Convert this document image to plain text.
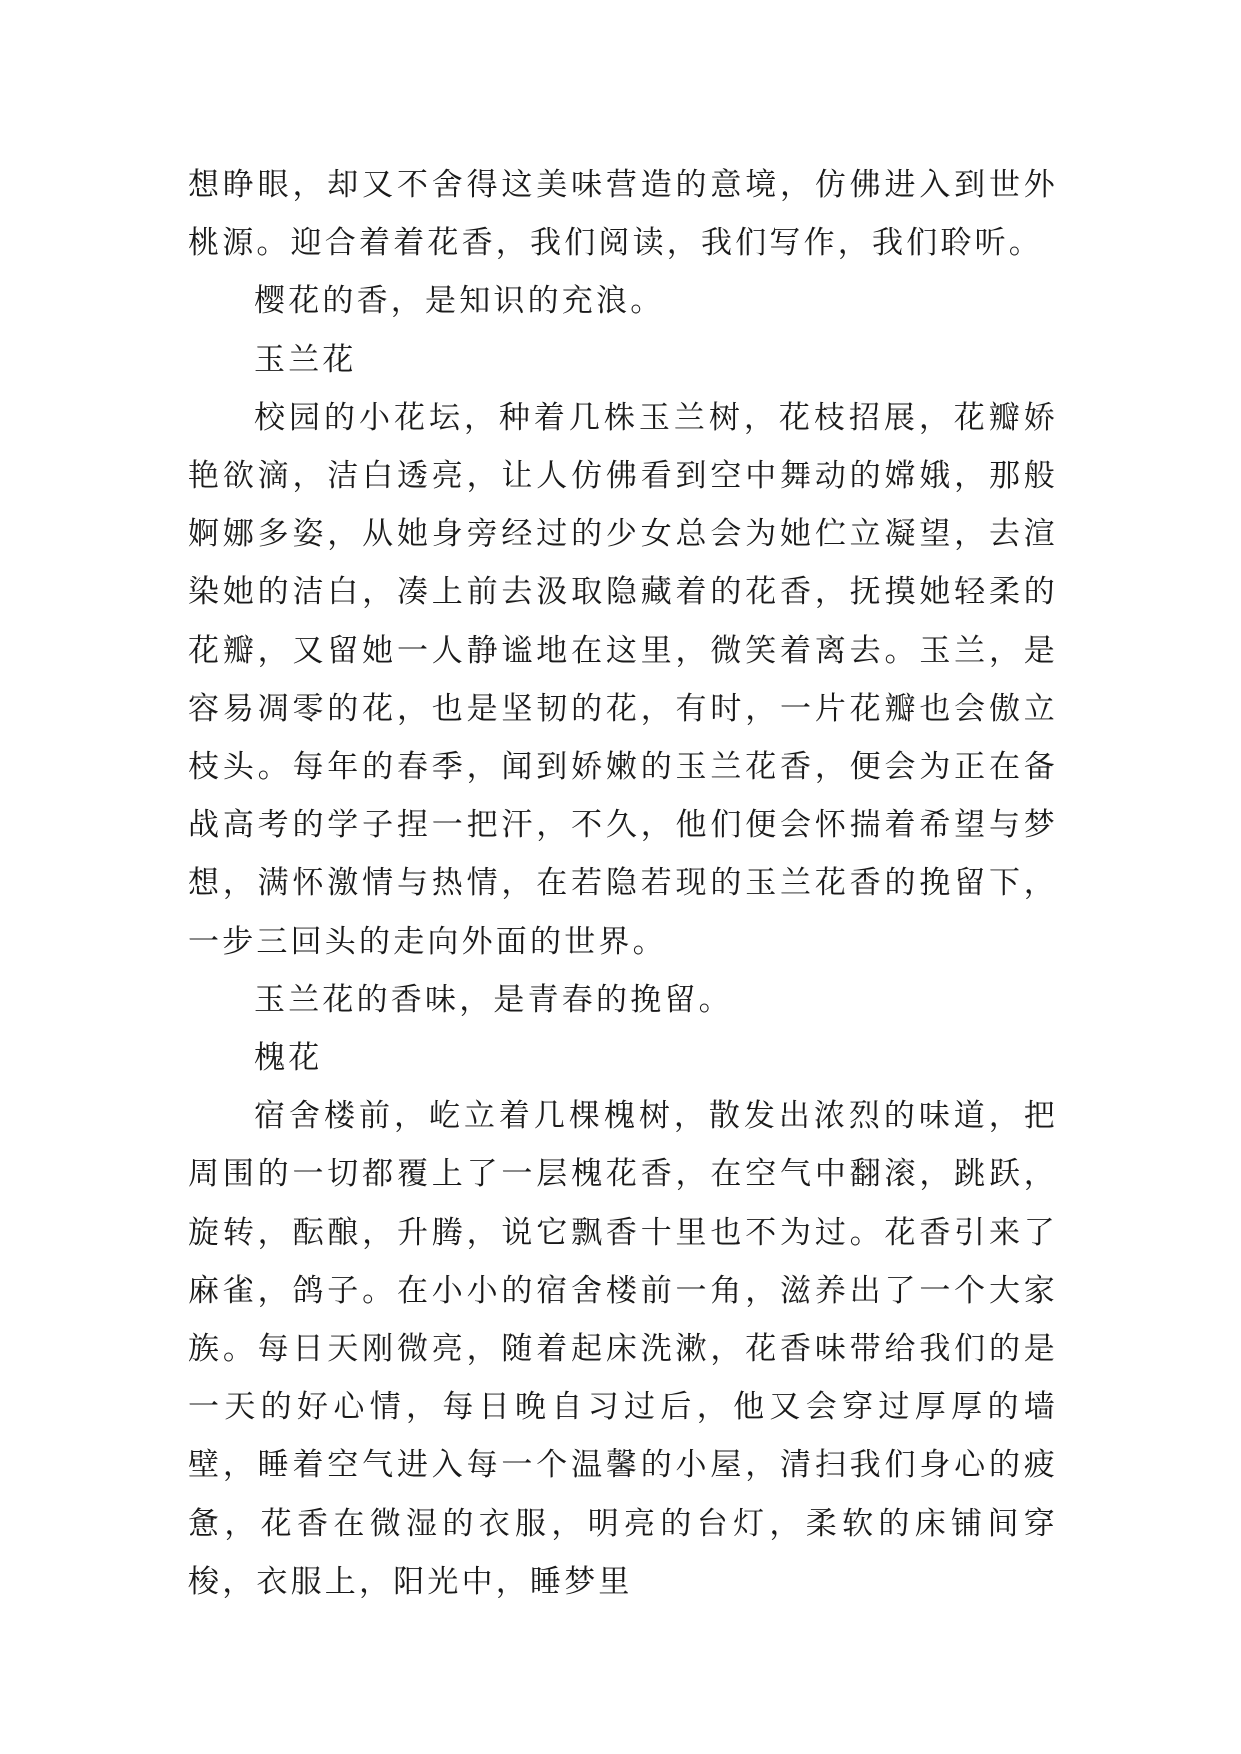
想睁眼，却又不舍得这美味营造的意境，仿佛进入到世外桃源。迎合着着花香，我们阅读，我们写作，我们聆听。

樱花的香，是知识的充浪。

玉兰花

校园的小花坛，种着几株玉兰树，花枝招展，花瓣娇艳欲滴，洁白透亮，让人仿佛看到空中舞动的嫦娥，那般婀娜多姿，从她身旁经过的少女总会为她伫立凝望，去渲染她的洁白，凑上前去汲取隐藏着的花香，抚摸她轻柔的花瓣，又留她一人静谧地在这里，微笑着离去。玉兰，是容易凋零的花，也是坚韧的花，有时，一片花瓣也会傲立枝头。每年的春季，闻到娇嫩的玉兰花香，便会为正在备战高考的学子捏一把汗，不久，他们便会怀揣着希望与梦想，满怀激情与热情，在若隐若现的玉兰花香的挽留下，一步三回头的走向外面的世界。

玉兰花的香味，是青春的挽留。

槐花

宿舍楼前，屹立着几棵槐树，散发出浓烈的味道，把周围的一切都覆上了一层槐花香，在空气中翻滚，跳跃，旋转，酝酿，升腾，说它飘香十里也不为过。花香引来了麻雀，鸽子。在小小的宿舍楼前一角，滋养出了一个大家族。每日天刚微亮，随着起床洗漱，花香味带给我们的是一天的好心情，每日晚自习过后，他又会穿过厚厚的墙壁，睡着空气进入每一个温馨的小屋，清扫我们身心的疲惫，花香在微湿的衣服，明亮的台灯，柔软的床铺间穿梭，衣服上，阳光中，睡梦里
